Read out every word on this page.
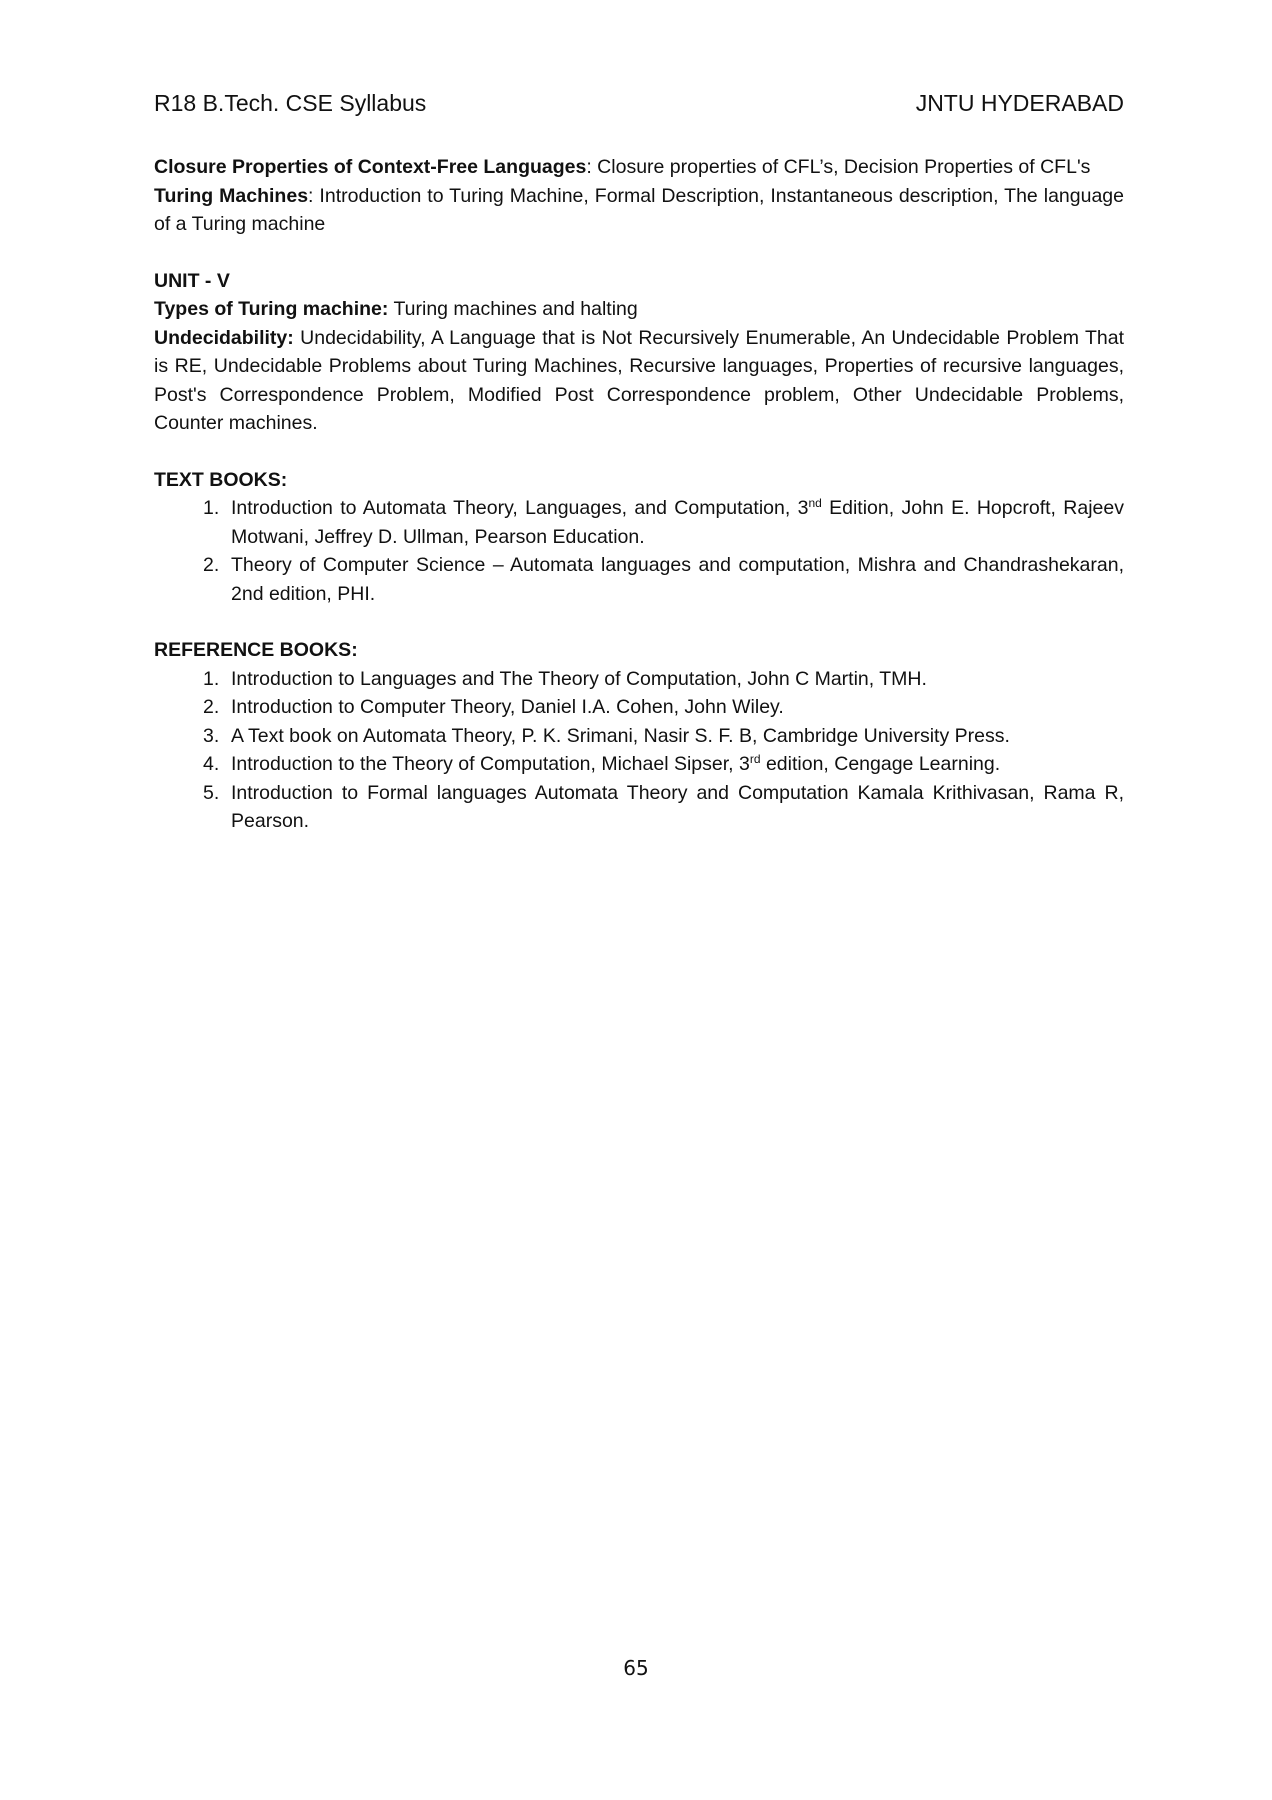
R18 B.Tech. CSE Syllabus	JNTU HYDERABAD

Closure Properties of Context-Free Languages: Closure properties of CFL’s, Decision Properties of CFL's

Turing Machines: Introduction to Turing Machine, Formal Description, Instantaneous description, The language of a Turing machine

UNIT - V

Types of Turing machine: Turing machines and halting

Undecidability: Undecidability, A Language that is Not Recursively Enumerable, An Undecidable Problem That is RE, Undecidable Problems about Turing Machines, Recursive languages, Properties of recursive languages, Post's Correspondence Problem, Modified Post Correspondence problem, Other Undecidable Problems, Counter machines.

TEXT BOOKS:

1. Introduction to Automata Theory, Languages, and Computation, 3nd Edition, John E. Hopcroft, Rajeev Motwani, Jeffrey D. Ullman, Pearson Education.
2. Theory of Computer Science – Automata languages and computation, Mishra and Chandrashekaran, 2nd edition, PHI.

REFERENCE BOOKS:

1. Introduction to Languages and The Theory of Computation, John C Martin, TMH.
2. Introduction to Computer Theory, Daniel I.A. Cohen, John Wiley.
3. A Text book on Automata Theory, P. K. Srimani, Nasir S. F. B, Cambridge University Press.
4. Introduction to the Theory of Computation, Michael Sipser, 3rd edition, Cengage Learning.
5. Introduction to Formal languages Automata Theory and Computation Kamala Krithivasan, Rama R, Pearson.
65
